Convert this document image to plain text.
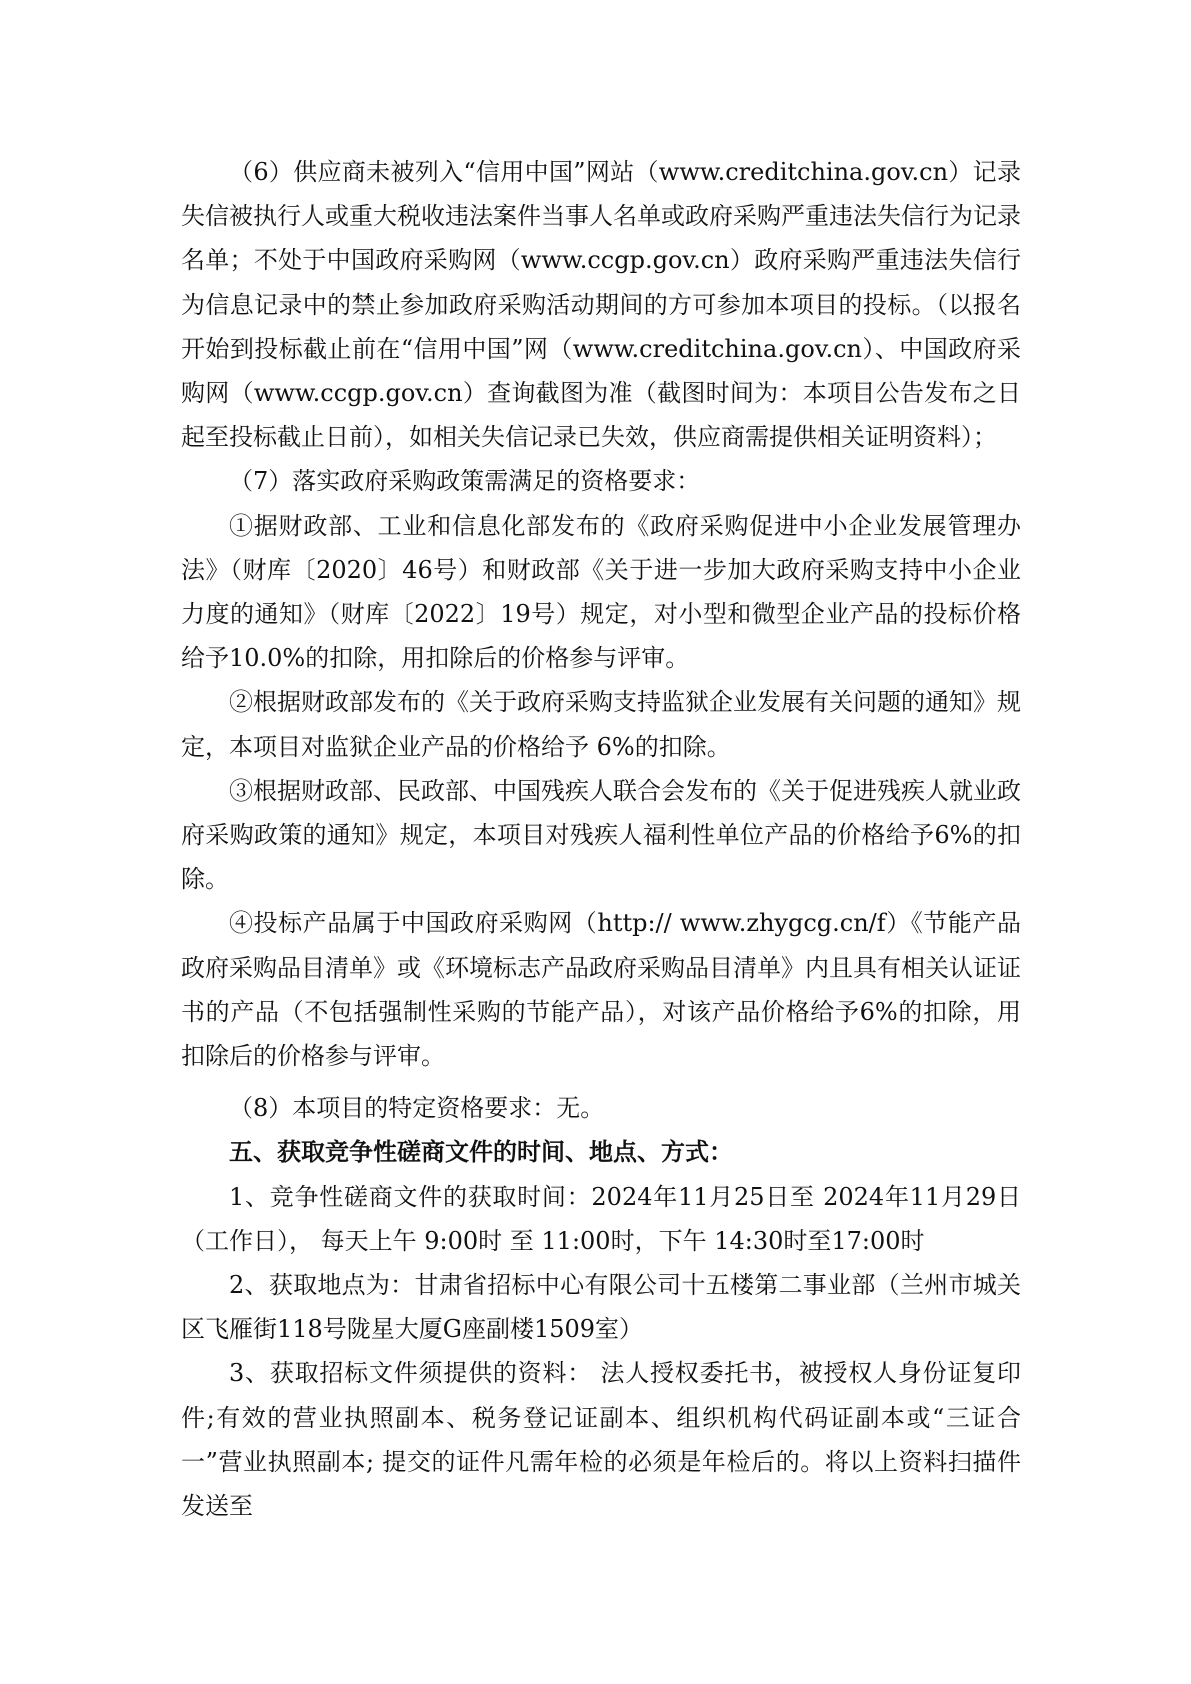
（6）供应商未被列入“信用中国”网站（www.creditchina.gov.cn）记录失信被执行人或重大税收违法案件当事人名单或政府采购严重违法失信行为记录名单；不处于中国政府采购网（www.ccgp.gov.cn）政府采购严重违法失信行为信息记录中的禁止参加政府采购活动期间的方可参加本项目的投标。（以报名开始到投标截止前在“信用中国”网（www.creditchina.gov.cn）、中国政府采购网（www.ccgp.gov.cn）查询截图为准（截图时间为：本项目公告发布之日起至投标截止日前），如相关失信记录已失效，供应商需提供相关证明资料）；

（7）落实政府采购政策需满足的资格要求：

①据财政部、工业和信息化部发布的《政府采购促进中小企业发展管理办法》（财库〔2020〕46号）和财政部《关于进一步加大政府采购支持中小企业力度的通知》（财库〔2022〕19号）规定，对小型和微型企业产品的投标价格给予10.0%的扣除，用扣除后的价格参与评审。

②根据财政部发布的《关于政府采购支持监狱企业发展有关问题的通知》规定，本项目对监狱企业产品的价格给予 6%的扣除。

③根据财政部、民政部、中国残疾人联合会发布的《关于促进残疾人就业政府采购政策的通知》规定，本项目对残疾人福利性单位产品的价格给予6%的扣除。

④投标产品属于中国政府采购网（http:// www.zhygcg.cn/f）《节能产品政府采购品目清单》或《环境标志产品政府采购品目清单》内且具有相关认证证书的产品（不包括强制性采购的节能产品），对该产品价格给予6%的扣除，用扣除后的价格参与评审。

（8）本项目的特定资格要求：无。

五、获取竞争性磋商文件的时间、地点、方式：

1、竞争性磋商文件的获取时间：2024年11月25日至 2024年11月29日（工作日）， 每天上午 9:00时 至 11:00时，下午 14:30时至17:00时

2、获取地点为：甘肃省招标中心有限公司十五楼第二事业部（兰州市城关区飞雁街118号陇星大厦G座副楼1509室）

3、获取招标文件须提供的资料： 法人授权委托书，被授权人身份证复印件;有效的营业执照副本、税务登记证副本、组织机构代码证副本或“三证合一”营业执照副本; 提交的证件凡需年检的必须是年检后的。将以上资料扫描件发送至
